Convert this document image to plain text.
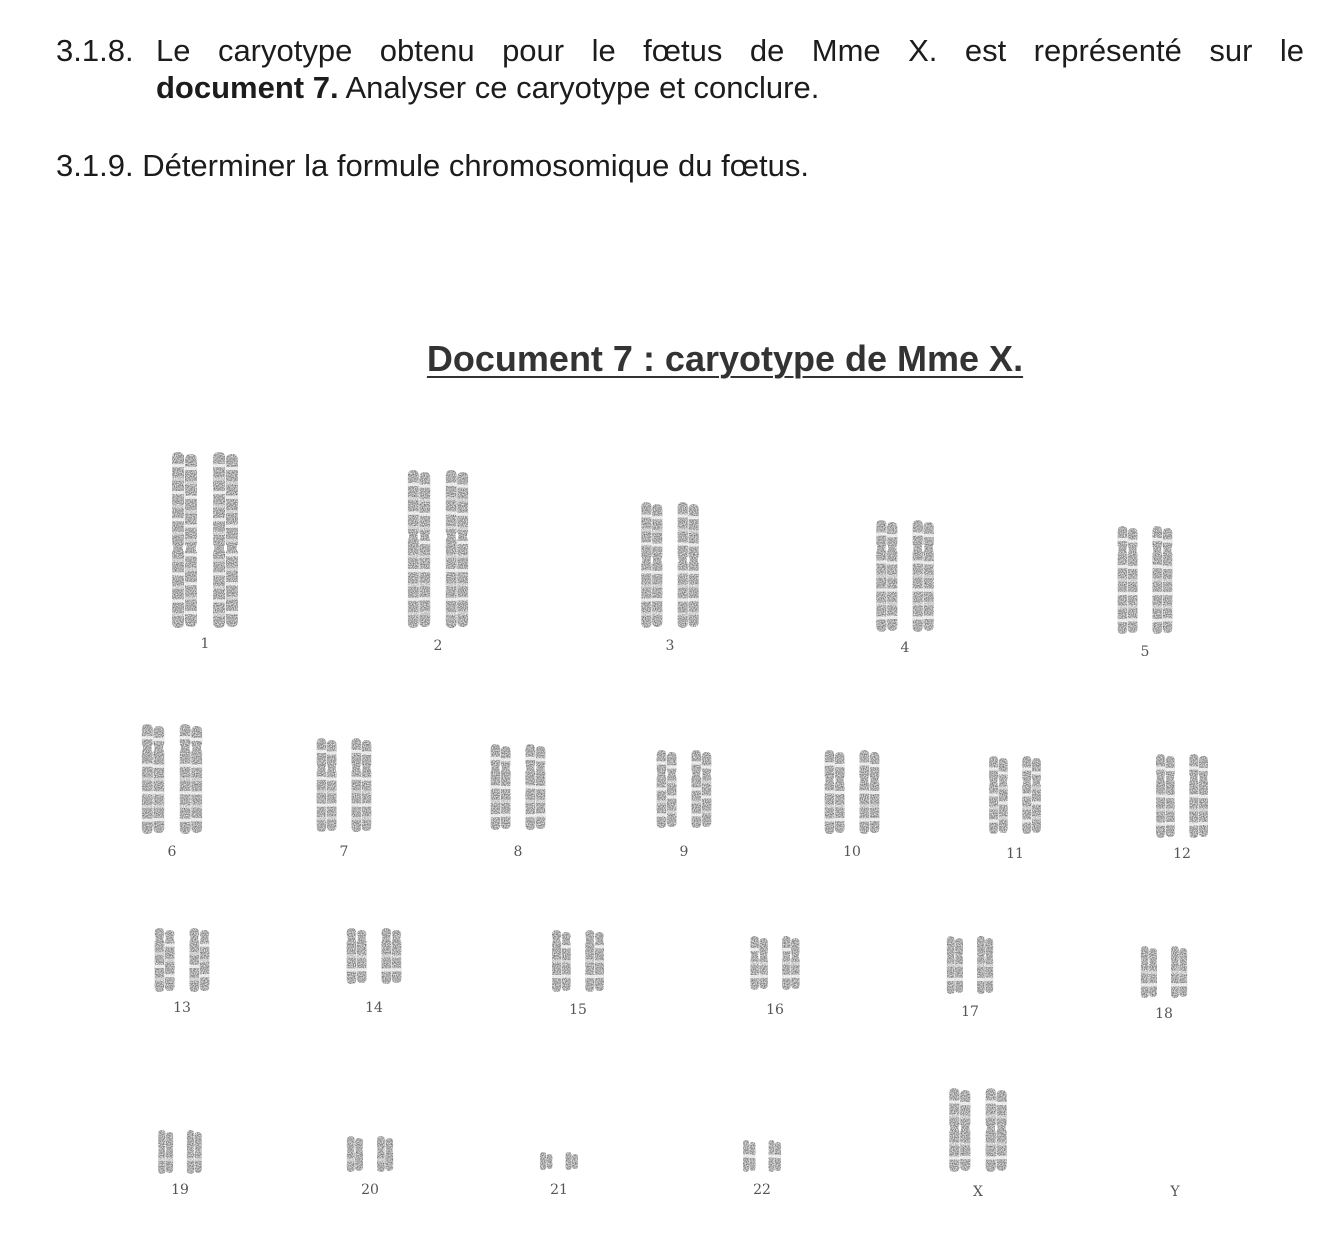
3.1.8. Le caryotype obtenu pour le fœtus de Mme X. est représenté sur le
document 7. Analyser ce caryotype et conclure.
3.1.9. Déterminer la formule chromosomique du fœtus.
Document 7 : caryotype de Mme X.
1	2	3	4	5
6	7	8	9	10	11	12
13	14	15	16	17	18
19	20	21	22	X	Y
